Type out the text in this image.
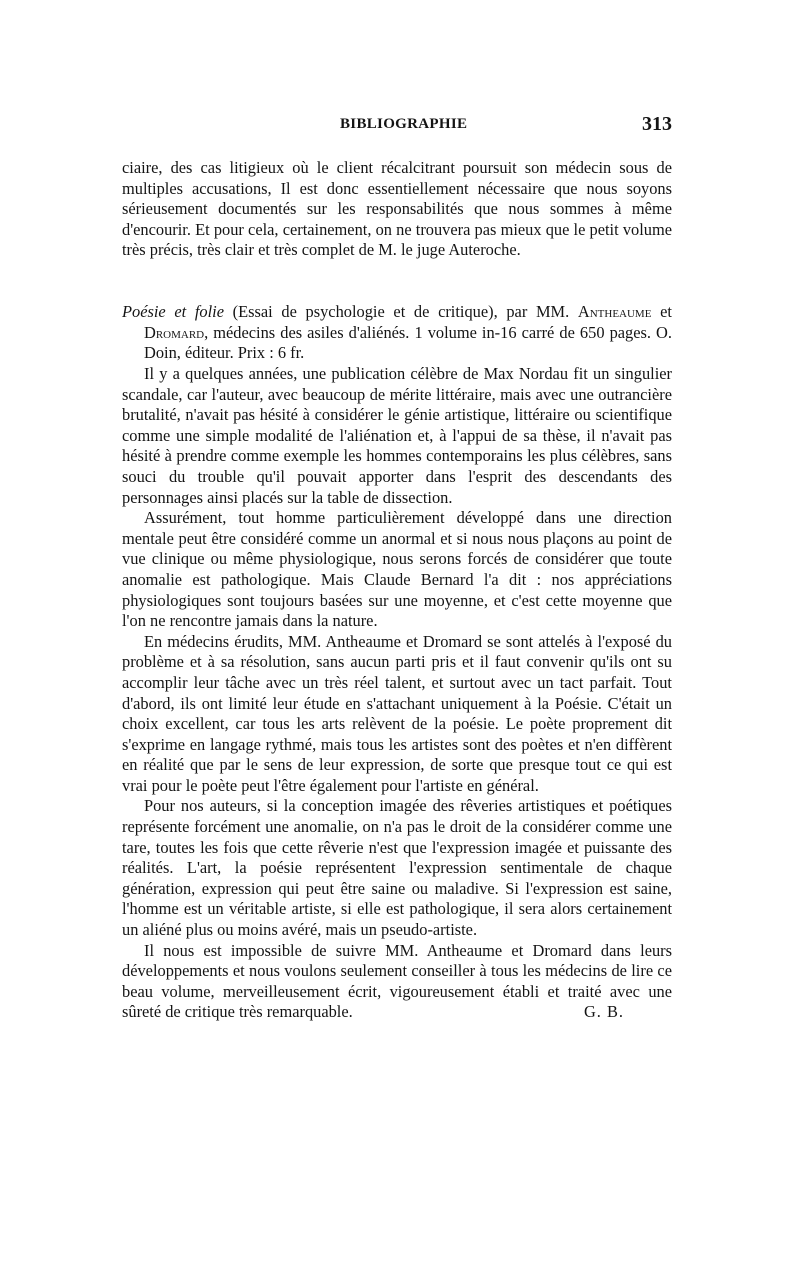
BIBLIOGRAPHIE	313

ciaire, des cas litigieux où le client récalcitrant poursuit son médecin sous de multiples accusations, Il est donc essentiellement nécessaire que nous soyons sérieusement documentés sur les responsabilités que nous sommes à même d'encourir. Et pour cela, certainement, on ne trouvera pas mieux que le petit volume très précis, très clair et très complet de M. le juge Auteroche.

Poésie et folie (Essai de psychologie et de critique), par MM. Antheaume et Dromard, médecins des asiles d'aliénés. 1 volume in-16 carré de 650 pages. O. Doin, éditeur. Prix : 6 fr.

Il y a quelques années, une publication célèbre de Max Nordau fit un singulier scandale, car l'auteur, avec beaucoup de mérite littéraire, mais avec une outrancière brutalité, n'avait pas hésité à considérer le génie artistique, littéraire ou scientifique comme une simple modalité de l'aliénation et, à l'appui de sa thèse, il n'avait pas hésité à prendre comme exemple les hommes contemporains les plus célèbres, sans souci du trouble qu'il pouvait apporter dans l'esprit des descendants des personnages ainsi placés sur la table de dissection.

Assurément, tout homme particulièrement développé dans une direction mentale peut être considéré comme un anormal et si nous nous plaçons au point de vue clinique ou même physiologique, nous serons forcés de considérer que toute anomalie est pathologique. Mais Claude Bernard l'a dit : nos appréciations physiologiques sont toujours basées sur une moyenne, et c'est cette moyenne que l'on ne rencontre jamais dans la nature.

En médecins érudits, MM. Antheaume et Dromard se sont attelés à l'exposé du problème et à sa résolution, sans aucun parti pris et il faut convenir qu'ils ont su accomplir leur tâche avec un très réel talent, et surtout avec un tact parfait. Tout d'abord, ils ont limité leur étude en s'attachant uniquement à la Poésie. C'était un choix excellent, car tous les arts relèvent de la poésie. Le poète proprement dit s'exprime en langage rythmé, mais tous les artistes sont des poètes et n'en diffèrent en réalité que par le sens de leur expression, de sorte que presque tout ce qui est vrai pour le poète peut l'être également pour l'artiste en général.

Pour nos auteurs, si la conception imagée des rêveries artistiques et poétiques représente forcément une anomalie, on n'a pas le droit de la considérer comme une tare, toutes les fois que cette rêverie n'est que l'expression imagée et puissante des réalités. L'art, la poésie représentent l'expression sentimentale de chaque génération, expression qui peut être saine ou maladive. Si l'expression est saine, l'homme est un véritable artiste, si elle est pathologique, il sera alors certainement un aliéné plus ou moins avéré, mais un pseudo-artiste.

Il nous est impossible de suivre MM. Antheaume et Dromard dans leurs développements et nous voulons seulement conseiller à tous les médecins de lire ce beau volume, merveilleusement écrit, vigoureusement établi et traité avec une sûreté de critique très remarquable.	G. B.
